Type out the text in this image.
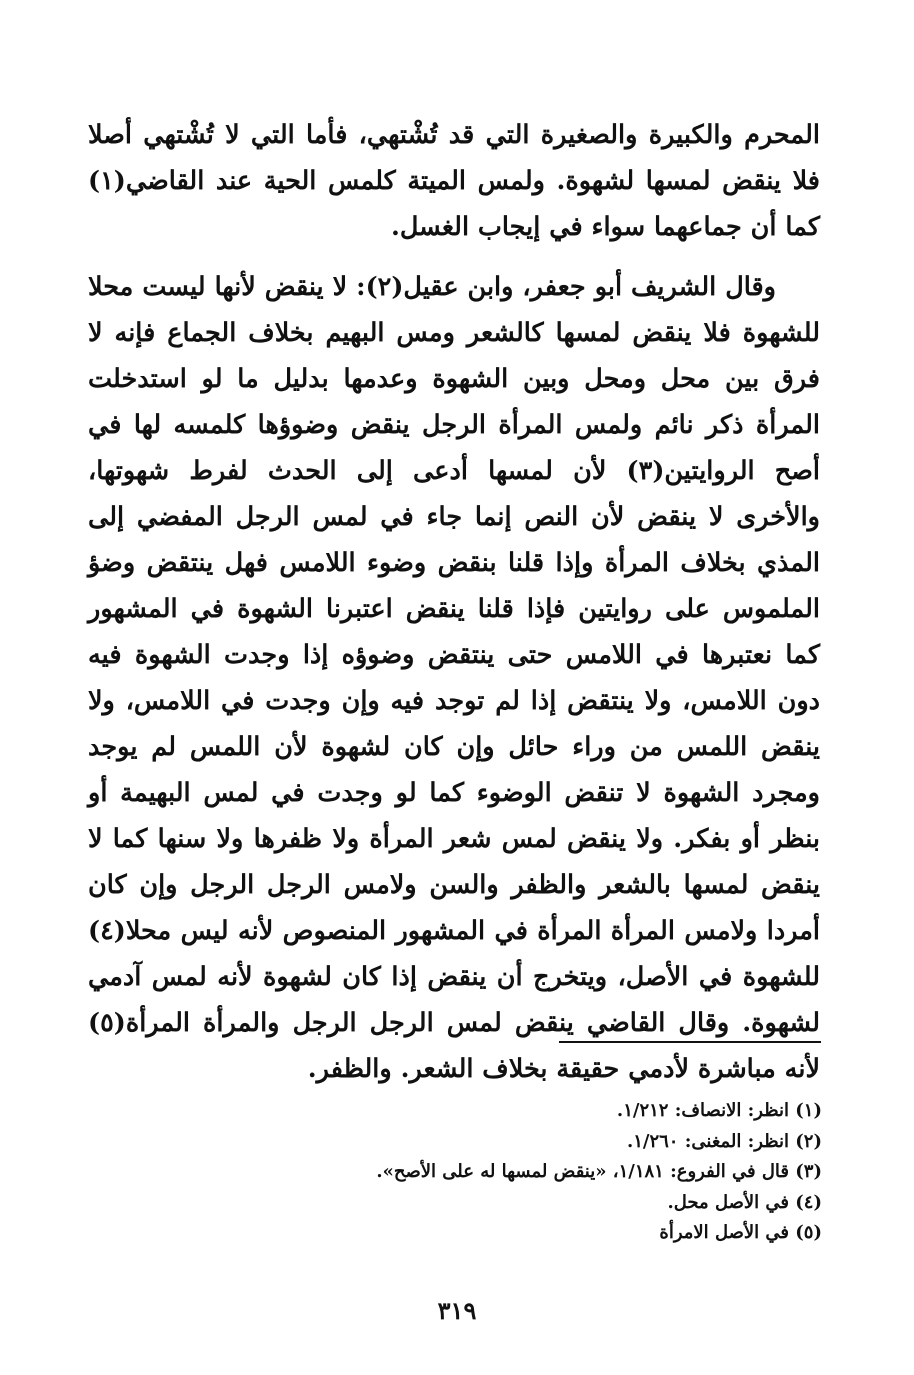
المحرم والكبيرة والصغيرة التي قد تُشْتهي، فأما التي لا تُشْتهي أصلا فلا ينقض لمسها لشهوة. ولمس الميتة كلمس الحية عند القاضي(١) كما أن جماعهما سواء في إيجاب الغسل.

وقال الشريف أبو جعفر، وابن عقيل(٢): لا ينقض لأنها ليست محلا للشهوة فلا ينقض لمسها كالشعر ومس البهيم بخلاف الجماع فإنه لا فرق بين محل ومحل وبين الشهوة وعدمها بدليل ما لو استدخلت المرأة ذكر نائم ولمس المرأة الرجل ينقض وضوؤها كلمسه لها في أصح الروايتين(٣) لأن لمسها أدعى إلى الحدث لفرط شهوتها، والأخرى لا ينقض لأن النص إنما جاء في لمس الرجل المفضي إلى المذي بخلاف المرأة وإذا قلنا بنقض وضوء اللامس فهل ينتقض وضؤ الملموس على روايتين فإذا قلنا ينقض اعتبرنا الشهوة في المشهور كما نعتبرها في اللامس حتى ينتقض وضوؤه إذا وجدت الشهوة فيه دون اللامس، ولا ينتقض إذا لم توجد فيه وإن وجدت في اللامس، ولا ينقض اللمس من وراء حائل وإن كان لشهوة لأن اللمس لم يوجد ومجرد الشهوة لا تنقض الوضوء كما لو وجدت في لمس البهيمة أو بنظر أو بفكر. ولا ينقض لمس شعر المرأة ولا ظفرها ولا سنها كما لا ينقض لمسها بالشعر والظفر والسن ولامس الرجل الرجل وإن كان أمردا ولامس المرأة المرأة في المشهور المنصوص لأنه ليس محلا(٤) للشهوة في الأصل، ويتخرج أن ينقض إذا كان لشهوة لأنه لمس آدمي لشهوة. وقال القاضي ينقض لمس الرجل الرجل والمرأة المرأة(٥) لأنه مباشرة لأدمي حقيقة بخلاف الشعر. والظفر.

(١) انظر: الانصاف: ١/٢١٢.
(٢) انظر: المغنى: ١/٢٦٠.
(٣) قال في الفروع: ١/١٨١، «ينقض لمسها له على الأصح».
(٤) في الأصل محل.
(٥) في الأصل الامرأة
٣١٩
